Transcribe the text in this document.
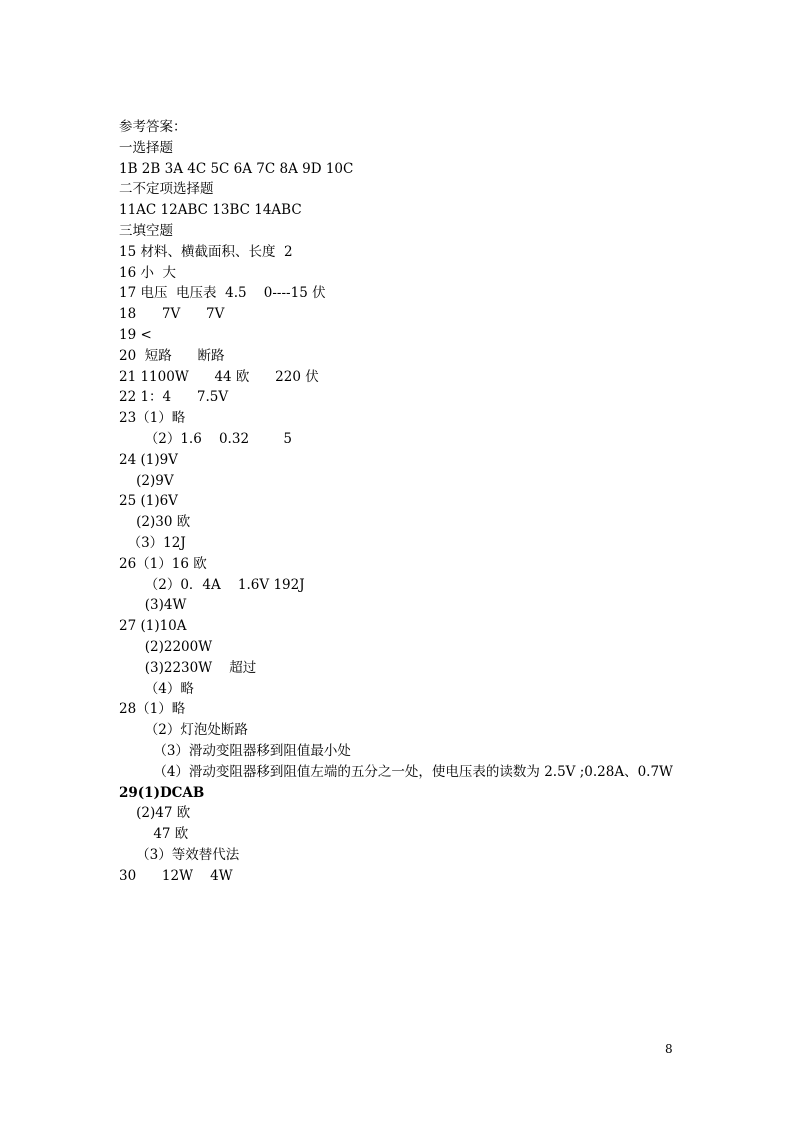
参考答案：
一选择题
1B 2B 3A 4C 5C 6A 7C 8A 9D 10C
二不定项选择题
11AC 12ABC 13BC 14ABC
三填空题
15 材料、横截面积、长度  2
16 小  大
17 电压  电压表  4.5    0----15 伏
18      7V      7V
19 <
20  短路      断路
21 1100W      44 欧      220 伏
22 1：4      7.5V
23（1）略
（2）1.6    0.32        5
24 (1)9V
(2)9V
25 (1)6V
(2)30 欧
（3）12J
26（1）16 欧
（2）0．4A    1.6V 192J
(3)4W
27 (1)10A
(2)2200W
(3)2230W    超过
（4）略
28（1）略
（2）灯泡处断路
（3）滑动变阻器移到阻值最小处
（4）滑动变阻器移到阻值左端的五分之一处，使电压表的读数为 2.5V ;0.28A、0.7W
29(1)DCAB
(2)47 欧
47 欧
（3）等效替代法
30      12W    4W
8
